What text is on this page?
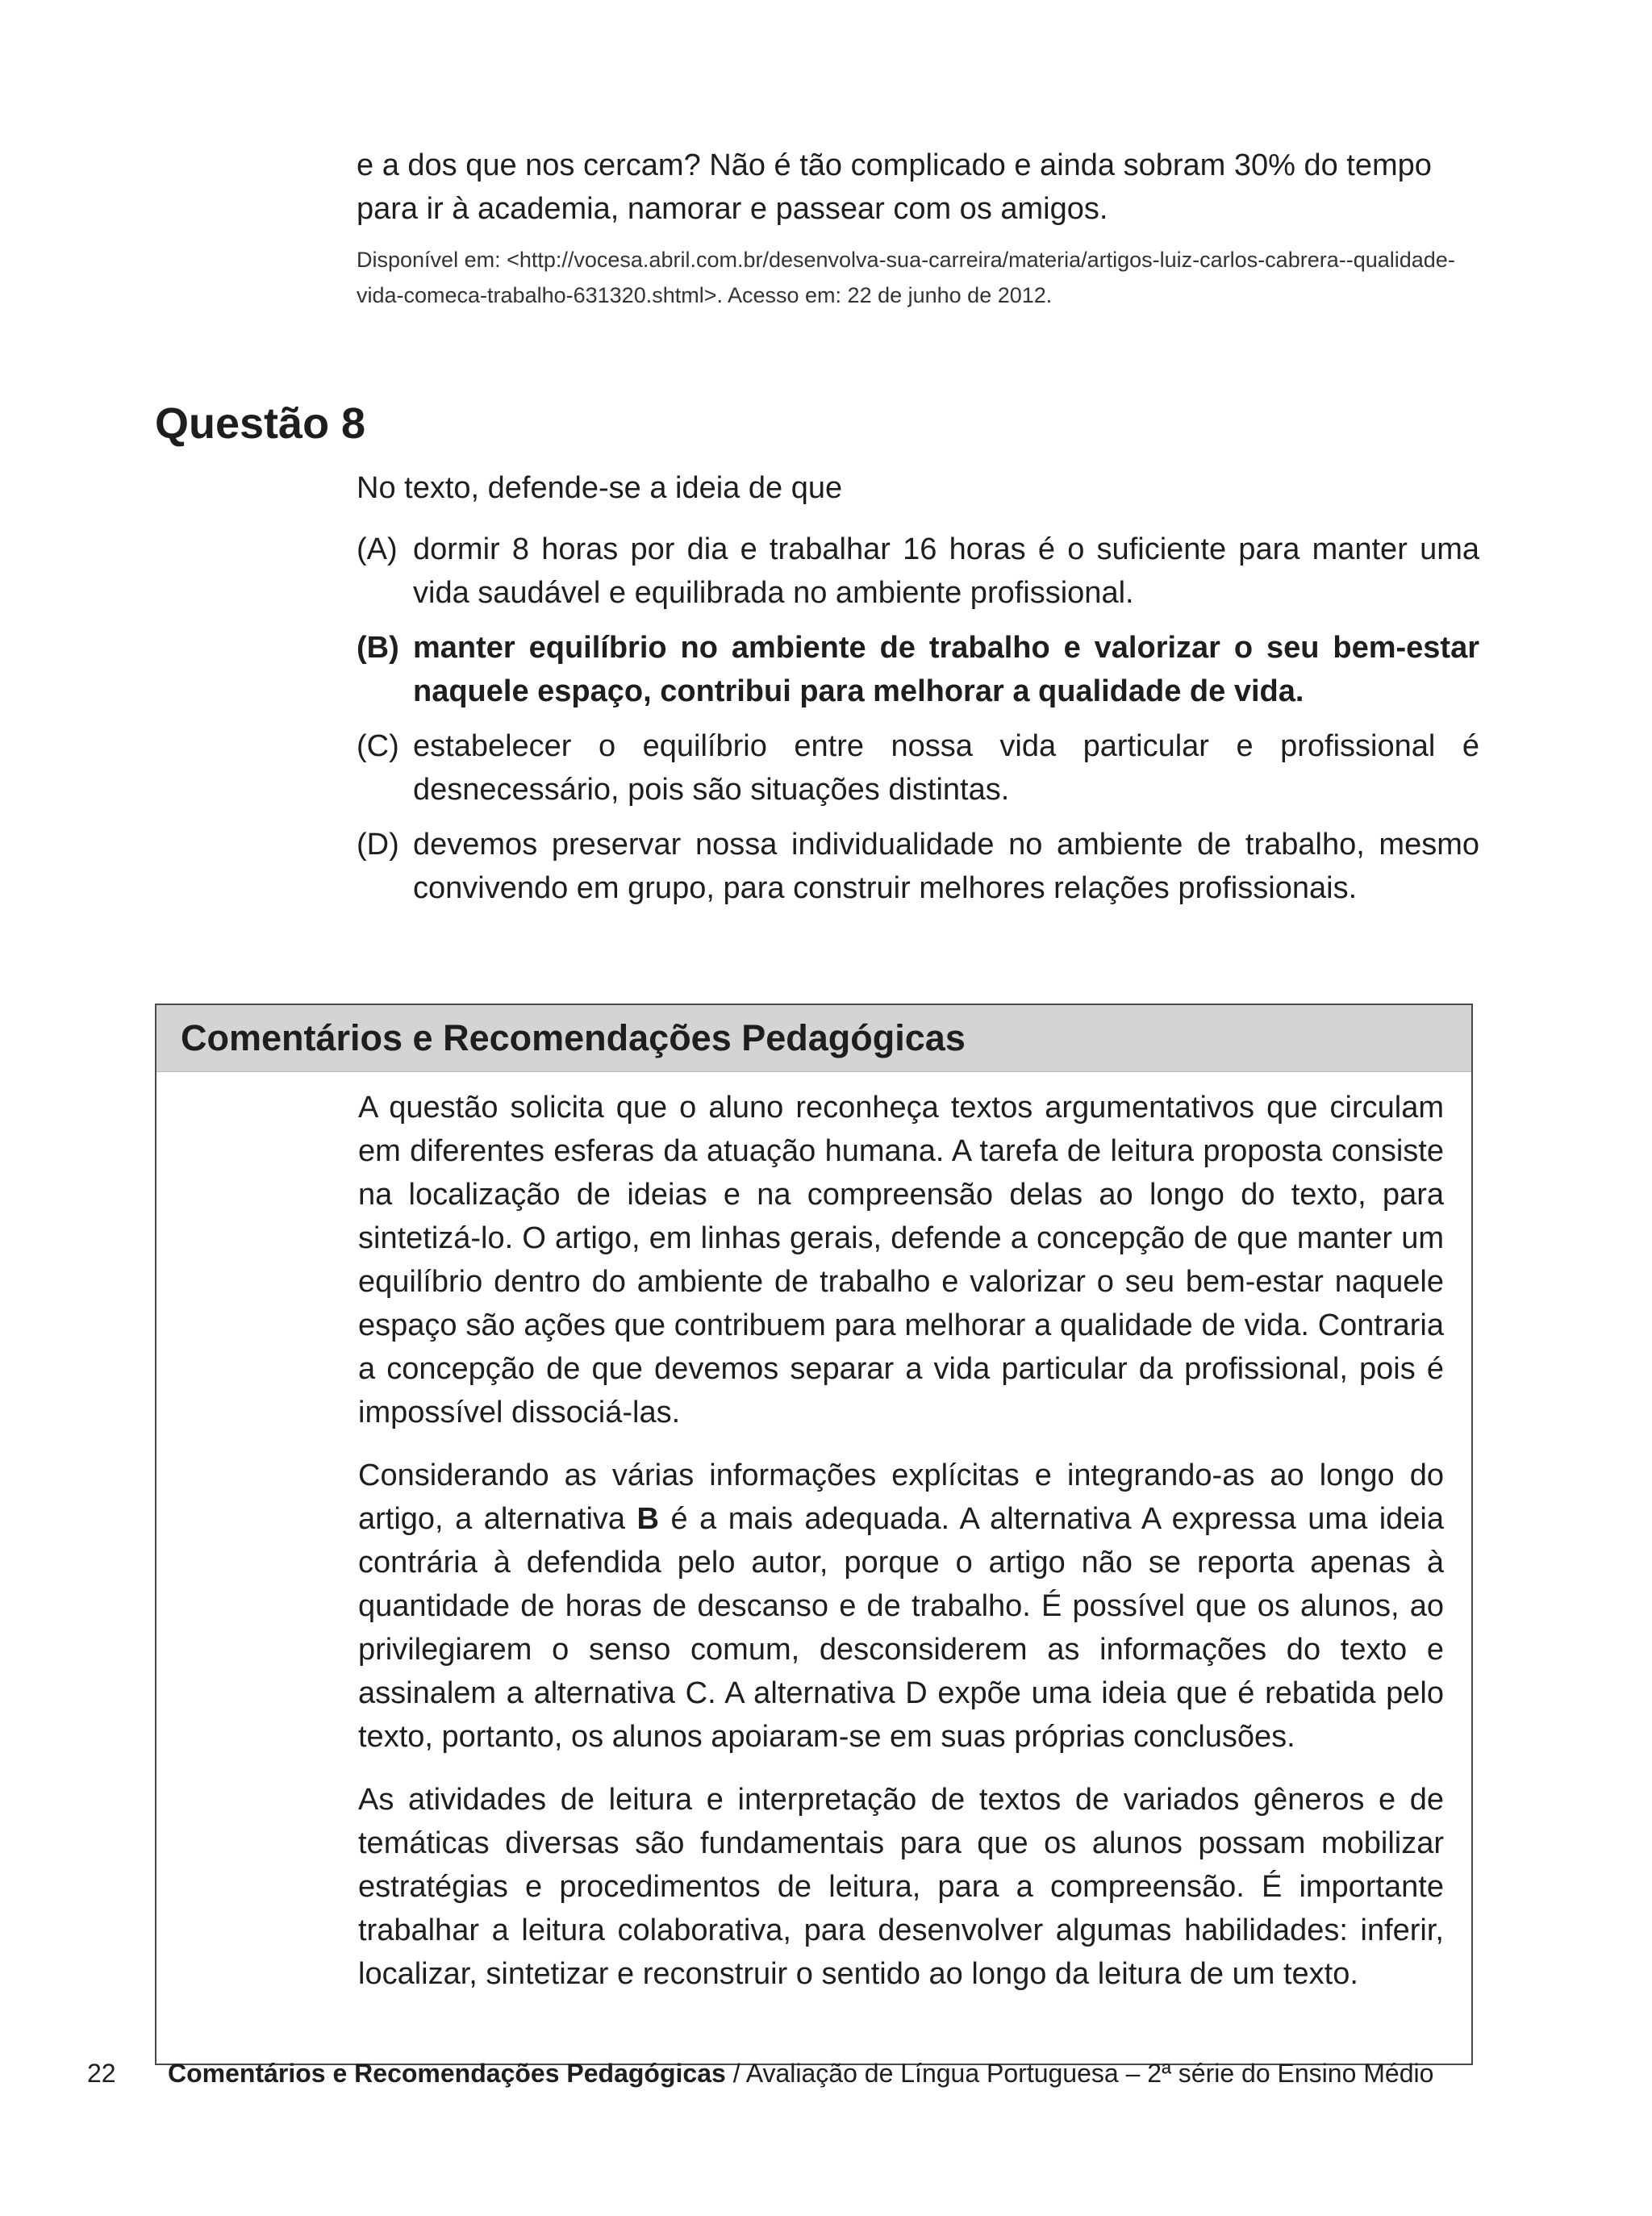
e a dos que nos cercam? Não é tão complicado e ainda sobram 30% do tempo para ir à academia, namorar e passear com os amigos.

Disponível em: <http://vocesa.abril.com.br/desenvolva-sua-carreira/materia/artigos-luiz-carlos-cabrera--qualidade-vida-comeca-trabalho-631320.shtml>. Acesso em: 22 de junho de 2012.
Questão 8

No texto, defende-se a ideia de que

(A) dormir 8 horas por dia e trabalhar 16 horas é o suficiente para manter uma vida saudável e equilibrada no ambiente profissional.
(B) manter equilíbrio no ambiente de trabalho e valorizar o seu bem-estar naquele espaço, contribui para melhorar a qualidade de vida.
(C) estabelecer o equilíbrio entre nossa vida particular e profissional é desnecessário, pois são situações distintas.
(D) devemos preservar nossa individualidade no ambiente de trabalho, mesmo convivendo em grupo, para construir melhores relações profissionais.
Comentários e Recomendações Pedagógicas

A questão solicita que o aluno reconheça textos argumentativos que circulam em diferentes esferas da atuação humana. A tarefa de leitura proposta consiste na localização de ideias e na compreensão delas ao longo do texto, para sintetizá-lo. O artigo, em linhas gerais, defende a concepção de que manter um equilíbrio dentro do ambiente de trabalho e valorizar o seu bem-estar naquele espaço são ações que contribuem para melhorar a qualidade de vida. Contraria a concepção de que devemos separar a vida particular da profissional, pois é impossível dissociá-las.

Considerando as várias informações explícitas e integrando-as ao longo do artigo, a alternativa B é a mais adequada. A alternativa A expressa uma ideia contrária à defendida pelo autor, porque o artigo não se reporta apenas à quantidade de horas de descanso e de trabalho. É possível que os alunos, ao privilegiarem o senso comum, desconsiderem as informações do texto e assinalem a alternativa C. A alternativa D expõe uma ideia que é rebatida pelo texto, portanto, os alunos apoiaram-se em suas próprias conclusões.

As atividades de leitura e interpretação de textos de variados gêneros e de temáticas diversas são fundamentais para que os alunos possam mobilizar estratégias e procedimentos de leitura, para a compreensão. É importante trabalhar a leitura colaborativa, para desenvolver algumas habilidades: inferir, localizar, sintetizar e reconstruir o sentido ao longo da leitura de um texto.

22	Comentários e Recomendações Pedagógicas / Avaliação de Língua Portuguesa – 2ª série do Ensino Médio
